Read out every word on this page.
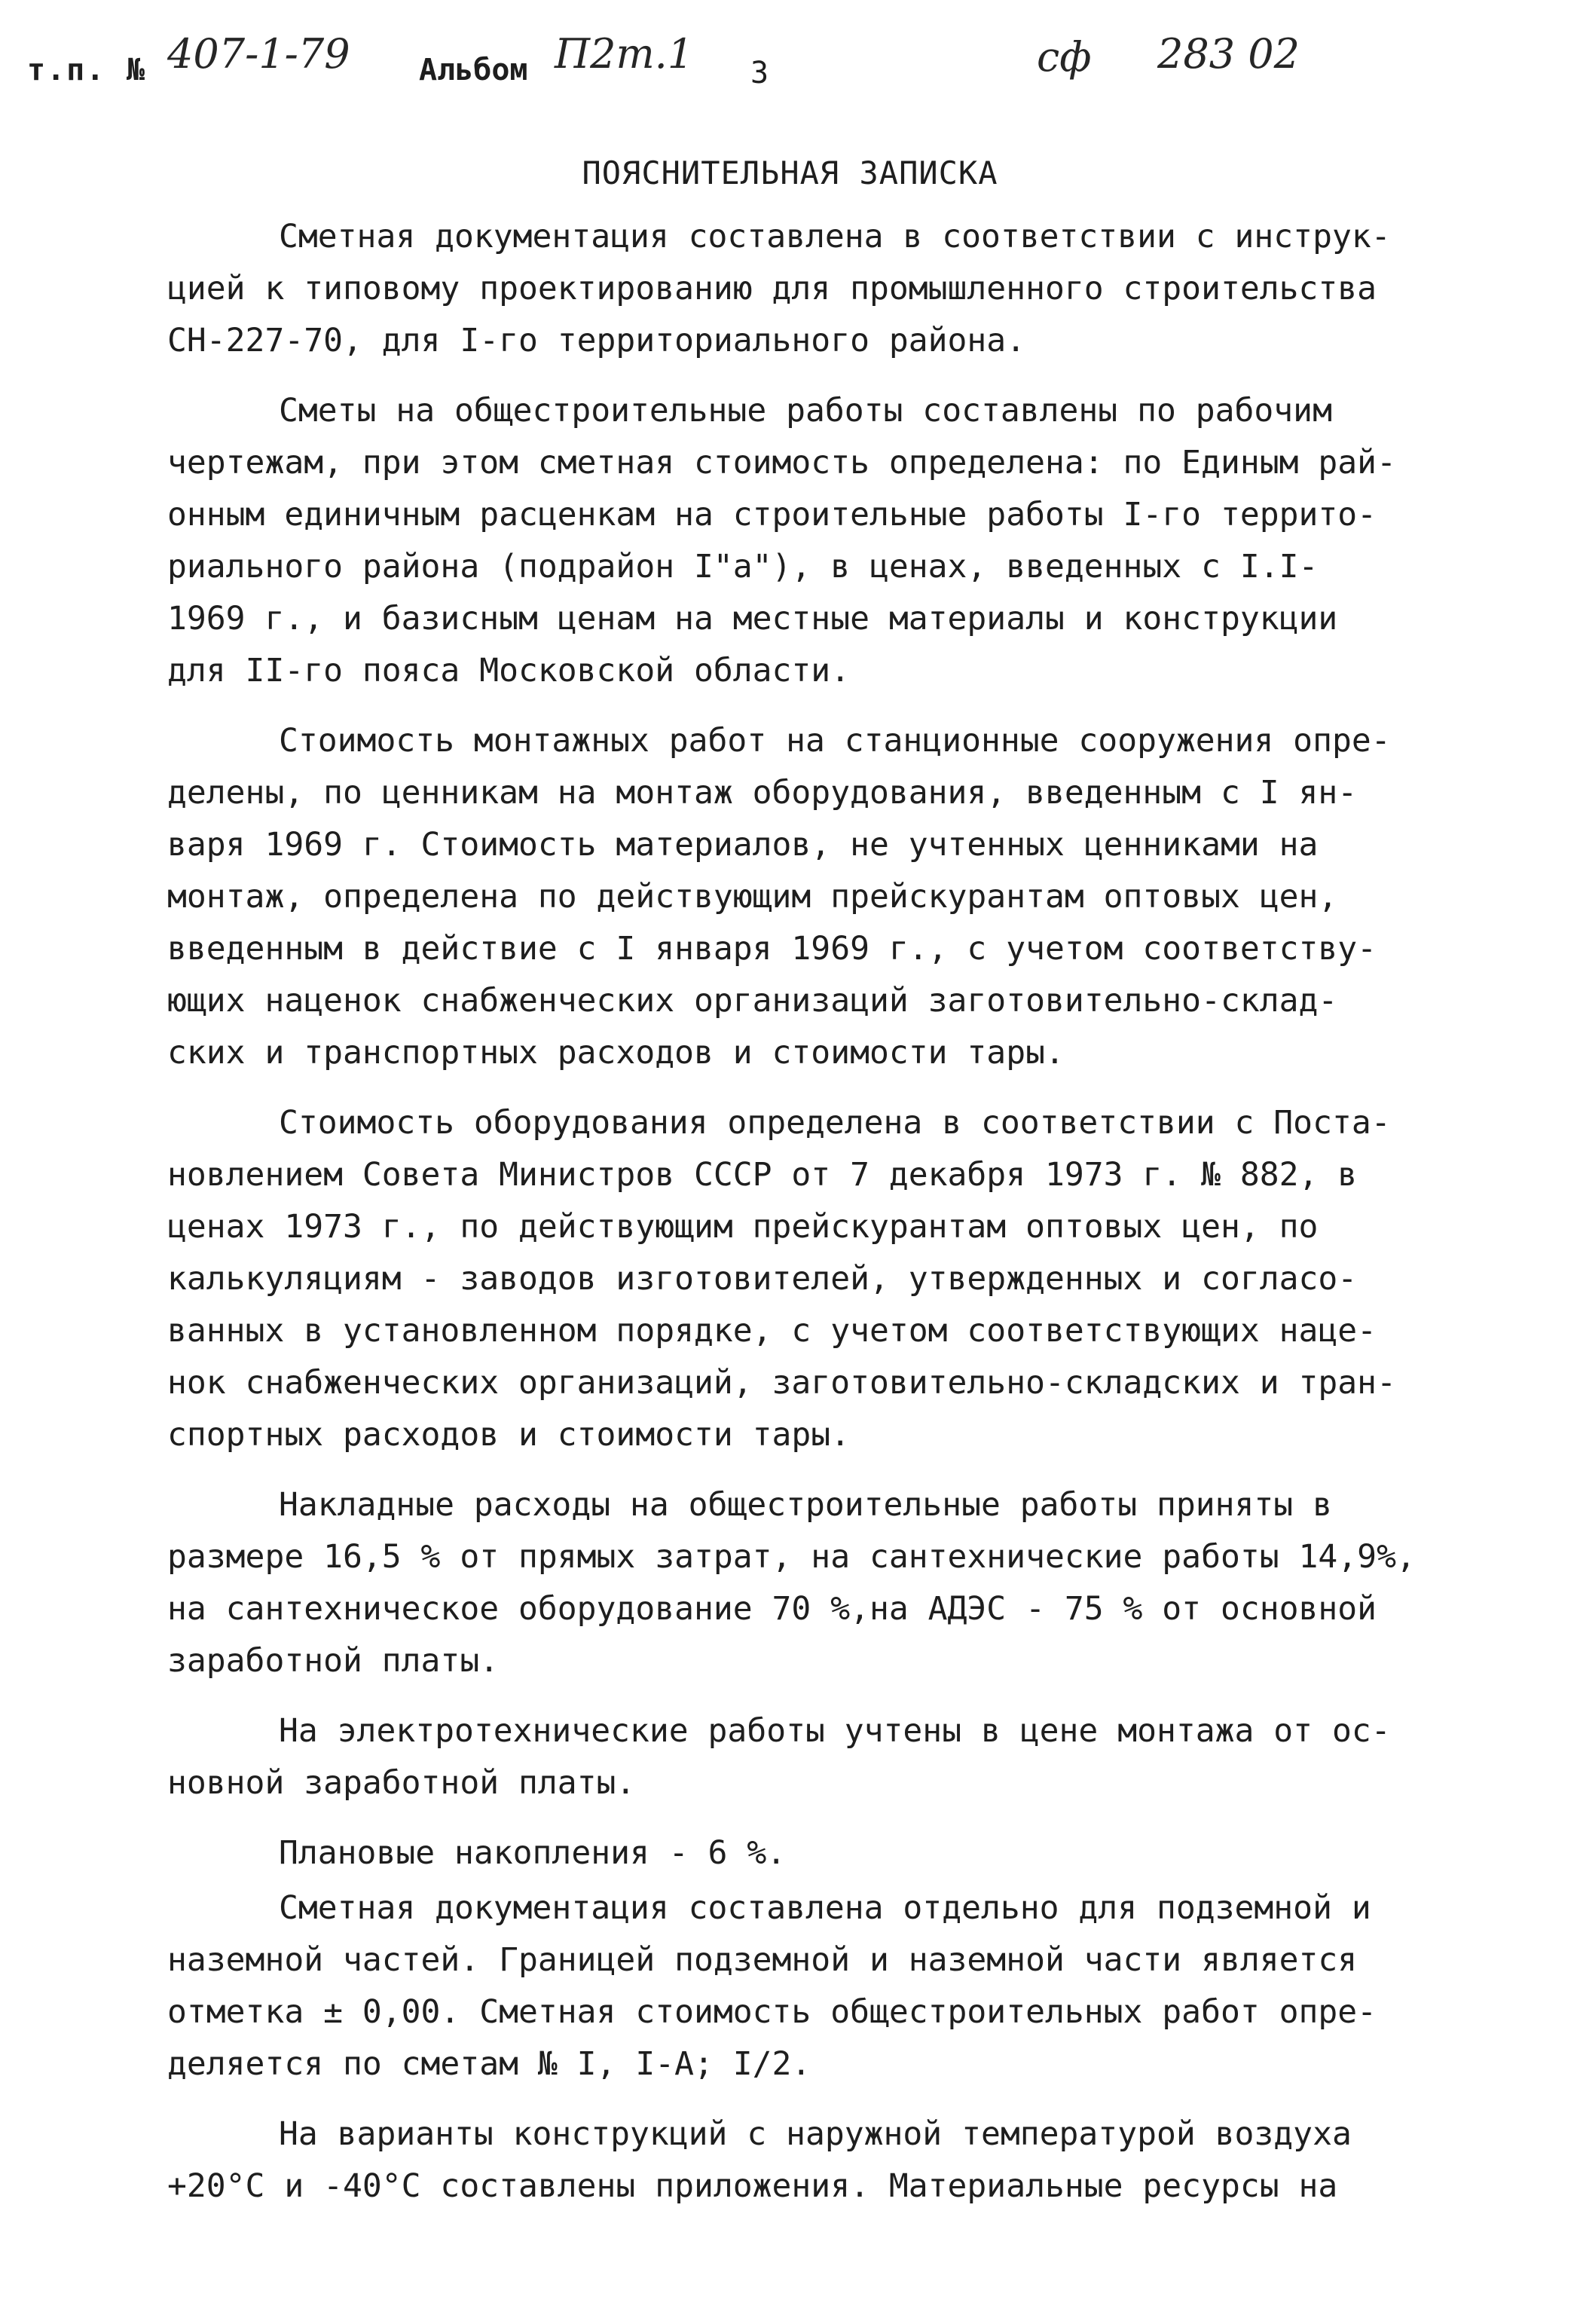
т.п. № 407-1-79 Альбом П2т.1 3	сф 283 02
ПОЯСНИТЕЛЬНАЯ ЗАПИСКА

Сметная документация составлена в соответствии с инструк-
цией к типовому проектированию для промышленного строительства
СН-227-70, для I-го территориального района.

Сметы на общестроительные работы составлены по рабочим
чертежам, при этом сметная стоимость определена: по Единым рай-
онным единичным расценкам на строительные работы I-го террито-
риального района (подрайон I"а"), в ценах, введенных с I.I-
1969 г., и базисным ценам на местные материалы и конструкции
для II-го пояса Московской области.

Стоимость монтажных работ на станционные сооружения опре-
делены, по ценникам на монтаж оборудования, введенным с I ян-
варя 1969 г. Стоимость материалов, не учтенных ценниками на
монтаж, определена по действующим прейскурантам оптовых цен,
введенным в действие с I января 1969 г., с учетом соответству-
ющих наценок снабженческих организаций заготовительно-склад-
ских и транспортных расходов и стоимости тары.

Стоимость оборудования определена в соответствии с Поста-
новлением Совета Министров СССР от 7 декабря 1973 г. № 882, в
ценах 1973 г., по действующим прейскурантам оптовых цен, по
калькуляциям - заводов изготовителей, утвержденных и согласо-
ванных в установленном порядке, с учетом соответствующих наце-
нок снабженческих организаций, заготовительно-складских и тран-
спортных расходов и стоимости тары.

Накладные расходы на общестроительные работы приняты в
размере 16,5 % от прямых затрат, на сантехнические работы 14,9%,
на сантехническое оборудование 70 %,на АДЭС - 75 % от основной
заработной платы.

На электротехнические работы учтены в цене монтажа от ос-
новной заработной платы.

Плановые накопления - 6 %.

Сметная документация составлена отдельно для подземной и
наземной частей. Границей подземной и наземной части является
отметка ± 0,00. Сметная стоимость общестроительных работ опре-
деляется по сметам № I, I-A; I/2.

На варианты конструкций с наружной температурой воздуха
+20°С и -40°С составлены приложения. Материальные ресурсы на
